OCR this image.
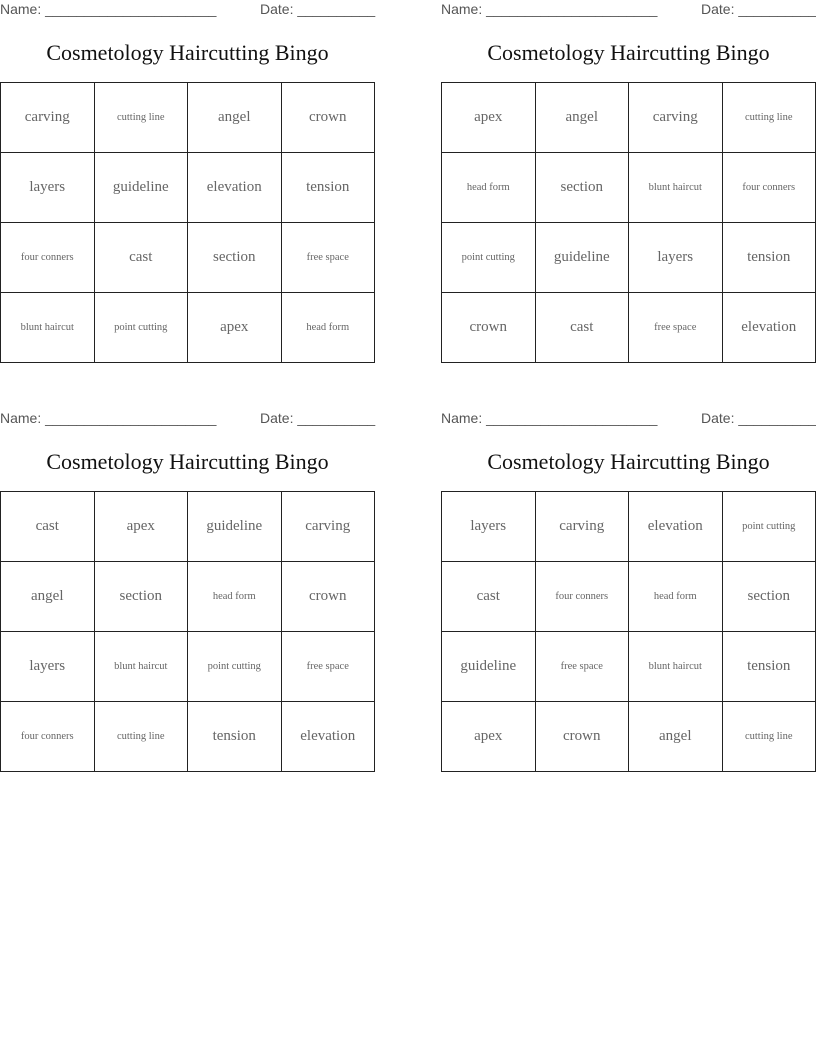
Name: ______________________	Date: __________
Cosmetology Haircutting Bingo
carving	cutting line	angel	crown
layers	guideline	elevation	tension
four conners	cast	section	free space
blunt haircut	point cutting	apex	head form
Name: ______________________	Date: __________
Cosmetology Haircutting Bingo
apex	angel	carving	cutting line
head form	section	blunt haircut	four conners
point cutting	guideline	layers	tension
crown	cast	free space	elevation
Name: ______________________	Date: __________
Cosmetology Haircutting Bingo
cast	apex	guideline	carving
angel	section	head form	crown
layers	blunt haircut	point cutting	free space
four conners	cutting line	tension	elevation
Name: ______________________	Date: __________
Cosmetology Haircutting Bingo
layers	carving	elevation	point cutting
cast	four conners	head form	section
guideline	free space	blunt haircut	tension
apex	crown	angel	cutting line
